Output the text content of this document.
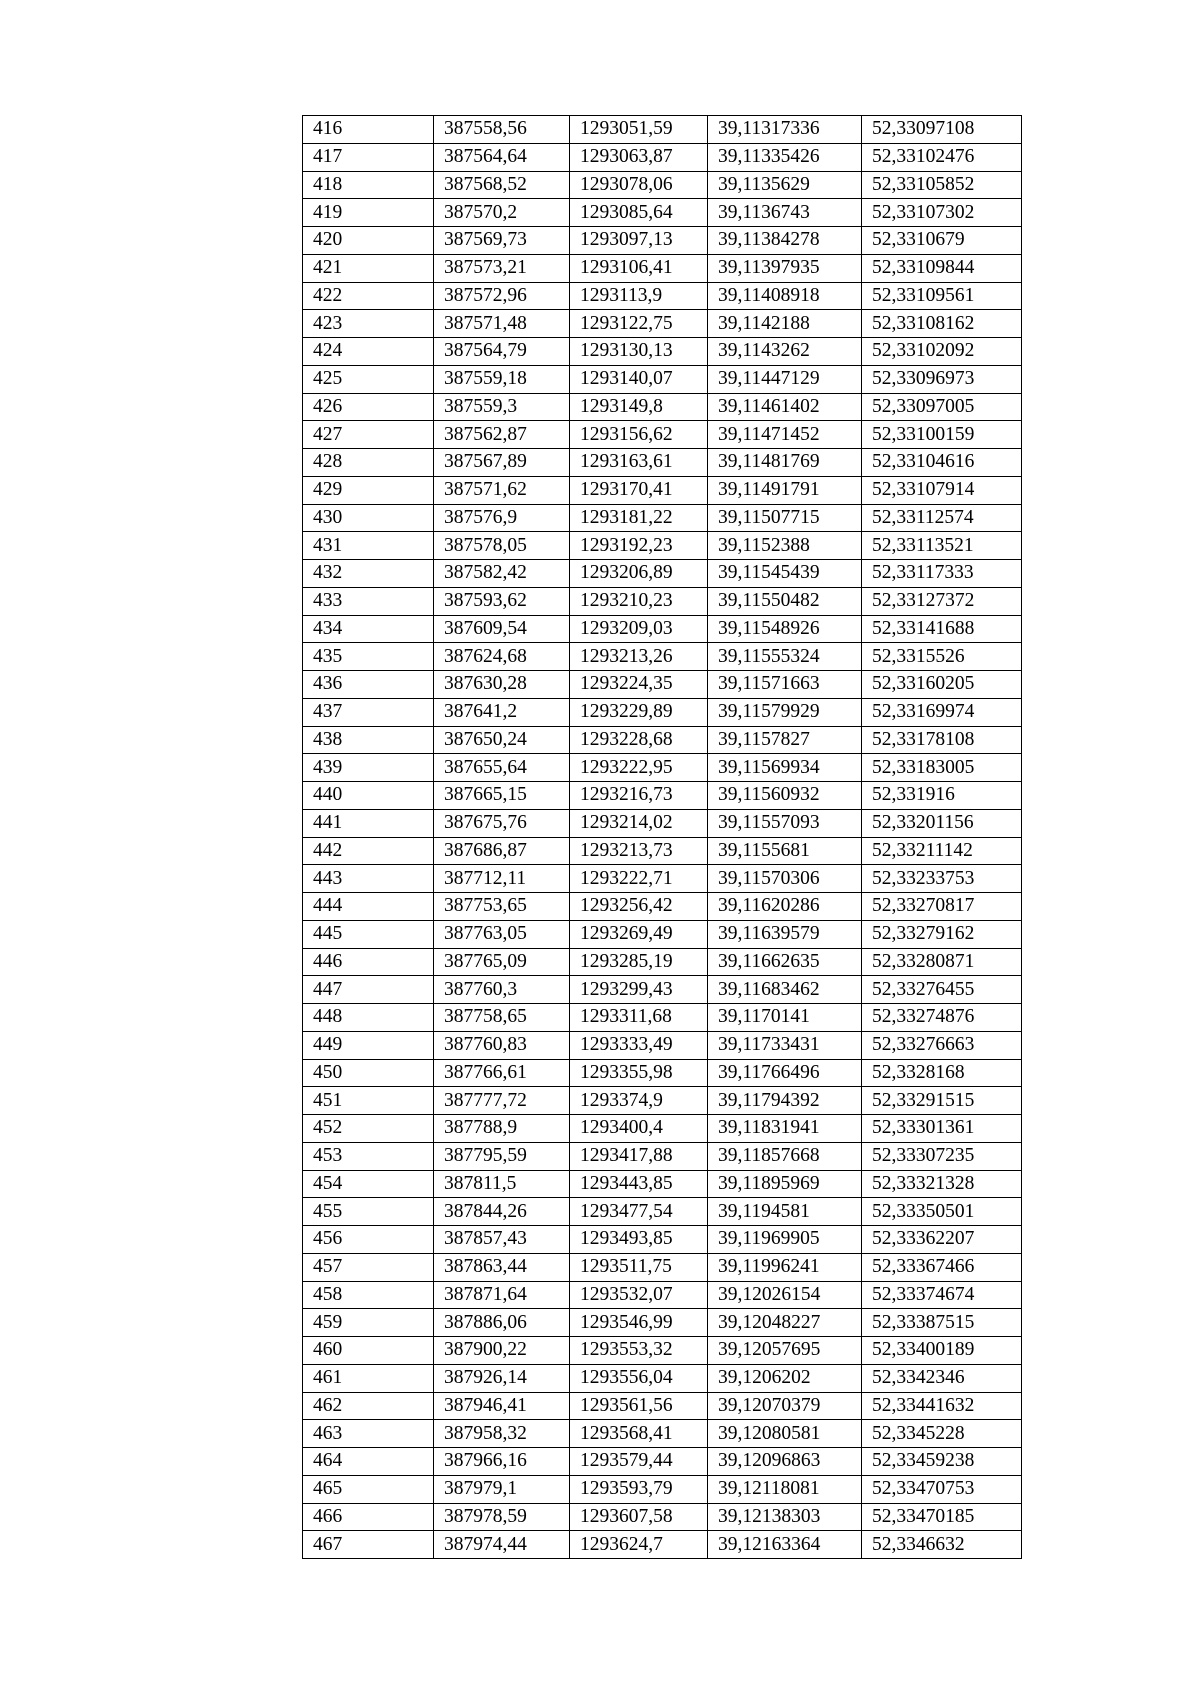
416	387558,56	1293051,59	39,11317336	52,33097108
417	387564,64	1293063,87	39,11335426	52,33102476
418	387568,52	1293078,06	39,1135629	52,33105852
419	387570,2	1293085,64	39,1136743	52,33107302
420	387569,73	1293097,13	39,11384278	52,3310679
421	387573,21	1293106,41	39,11397935	52,33109844
422	387572,96	1293113,9	39,11408918	52,33109561
423	387571,48	1293122,75	39,1142188	52,33108162
424	387564,79	1293130,13	39,1143262	52,33102092
425	387559,18	1293140,07	39,11447129	52,33096973
426	387559,3	1293149,8	39,11461402	52,33097005
427	387562,87	1293156,62	39,11471452	52,33100159
428	387567,89	1293163,61	39,11481769	52,33104616
429	387571,62	1293170,41	39,11491791	52,33107914
430	387576,9	1293181,22	39,11507715	52,33112574
431	387578,05	1293192,23	39,1152388	52,33113521
432	387582,42	1293206,89	39,11545439	52,33117333
433	387593,62	1293210,23	39,11550482	52,33127372
434	387609,54	1293209,03	39,11548926	52,33141688
435	387624,68	1293213,26	39,11555324	52,3315526
436	387630,28	1293224,35	39,11571663	52,33160205
437	387641,2	1293229,89	39,11579929	52,33169974
438	387650,24	1293228,68	39,1157827	52,33178108
439	387655,64	1293222,95	39,11569934	52,33183005
440	387665,15	1293216,73	39,11560932	52,331916
441	387675,76	1293214,02	39,11557093	52,33201156
442	387686,87	1293213,73	39,1155681	52,33211142
443	387712,11	1293222,71	39,11570306	52,33233753
444	387753,65	1293256,42	39,11620286	52,33270817
445	387763,05	1293269,49	39,11639579	52,33279162
446	387765,09	1293285,19	39,11662635	52,33280871
447	387760,3	1293299,43	39,11683462	52,33276455
448	387758,65	1293311,68	39,1170141	52,33274876
449	387760,83	1293333,49	39,11733431	52,33276663
450	387766,61	1293355,98	39,11766496	52,3328168
451	387777,72	1293374,9	39,11794392	52,33291515
452	387788,9	1293400,4	39,11831941	52,33301361
453	387795,59	1293417,88	39,11857668	52,33307235
454	387811,5	1293443,85	39,11895969	52,33321328
455	387844,26	1293477,54	39,1194581	52,33350501
456	387857,43	1293493,85	39,11969905	52,33362207
457	387863,44	1293511,75	39,11996241	52,33367466
458	387871,64	1293532,07	39,12026154	52,33374674
459	387886,06	1293546,99	39,12048227	52,33387515
460	387900,22	1293553,32	39,12057695	52,33400189
461	387926,14	1293556,04	39,1206202	52,3342346
462	387946,41	1293561,56	39,12070379	52,33441632
463	387958,32	1293568,41	39,12080581	52,3345228
464	387966,16	1293579,44	39,12096863	52,33459238
465	387979,1	1293593,79	39,12118081	52,33470753
466	387978,59	1293607,58	39,12138303	52,33470185
467	387974,44	1293624,7	39,12163364	52,3346632
